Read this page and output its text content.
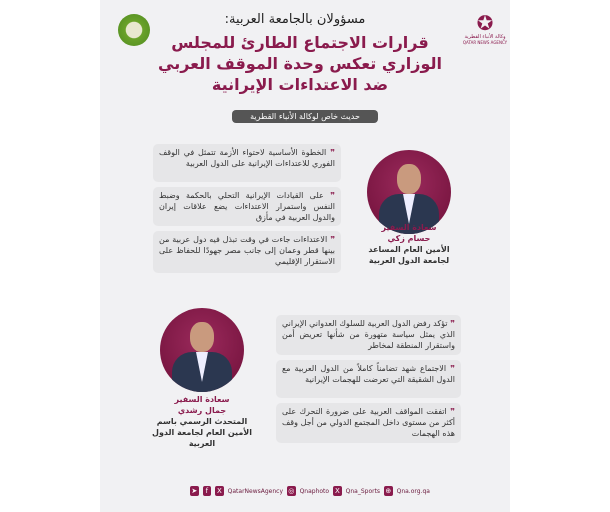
✪
وكالة الأنباء القطرية
QATAR NEWS AGENCY
مسؤولان بالجامعة العربية:
قرارات الاجتماع الطارئ للمجلس
الوزاري تعكس وحدة الموقف العربي
ضد الاعتداءات الإيرانية
حديث خاص لوكالة الأنباء القطرية
❞ الخطوة الأساسية لاحتواء الأزمة تتمثل في الوقف الفوري للاعتداءات الإيرانية على الدول العربية
❞ على القيادات الإيرانية التحلي بالحكمة وضبط النفس واستمرار الاعتداءات يضع علاقات إيران والدول العربية في مأزق
❞ الاعتداءات جاءت في وقت تبذل فيه دول عربية من بينها قطر وعمان إلى جانب مصر جهودًا للحفاظ على الاستقرار الإقليمي
سعادة السفير
حسام زكي
الأمين العام المساعد لجامعة الدول العربية
سعادة السفير
جمال رشدي
المتحدث الرسمي باسم الأمين العام لجامعة الدول العربية
❞ تؤكد رفض الدول العربية للسلوك العدواني الإيراني الذي يمثل سياسة متهورة من شأنها تعريض أمن واستقرار المنطقة لمخاطر
❞ الاجتماع شهد تضامناً كاملاً من الدول العربية مع الدول الشقيقة التي تعرضت للهجمات الإيرانية
❞ اتفقت المواقف العربية على ضرورة التحرك على أكثر من مستوى داخل المجتمع الدولي من أجل وقف هذه الهجمات
➤	f	X QatarNewsAgency ◎ Qnaphoto X Qna_Sports ⊕ Qna.org.qa
